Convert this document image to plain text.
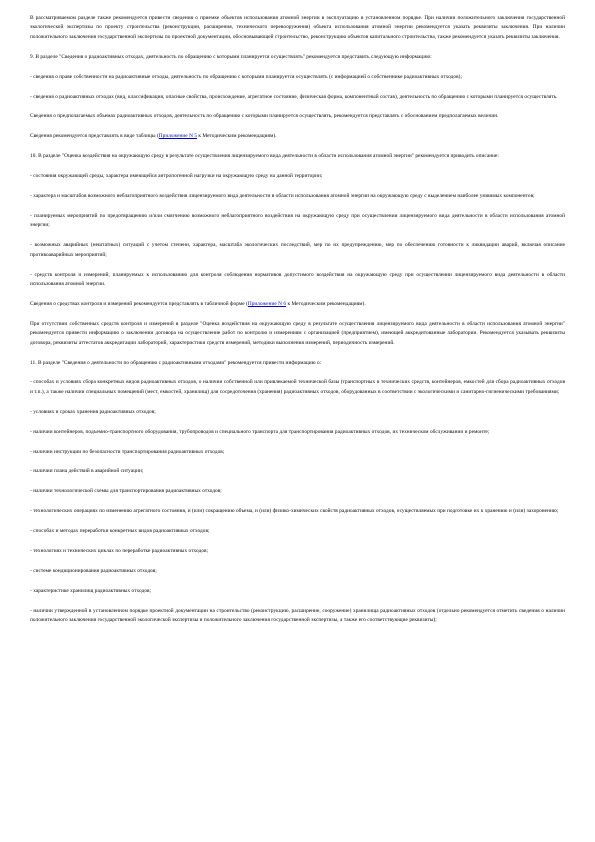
В рассматриваемом разделе также рекомендуется привести сведения о приемке объектов использования атомной энергии в эксплуатацию в установленном порядке. При наличии положительного заключения государственной экологической экспертизы по проекту строительства (реконструкции, расширения, технического перевооружения) объекта использования атомной энергии рекомендуется указать реквизиты заключения. При наличии положительного заключения государственной экспертизы по проектной документации, обосновывающей строительство, реконструкцию объектов капитального строительства, также рекомендуется указать реквизиты заключения.

9. В разделе "Сведения о радиоактивных отходах, деятельность по обращению с которыми планируется осуществлять" рекомендуется представить следующую информацию:

- сведения о праве собственности на радиоактивные отходы, деятельность по обращению с которыми планируется осуществлять (с информацией о собственнике радиоактивных отходов);

- сведения о радиоактивных отходах (вид, классификация, опасные свойства, происхождение, агрегатное состояние, физическая форма, компонентный состав), деятельность по обращению с которыми планируется осуществлять.

Сведения о предполагаемых объемах радиоактивных отходов, деятельность по обращению с которыми планируется осуществлять, рекомендуется представлять с обоснованием предполагаемых величин.

Сведения рекомендуется представлять в виде таблицы (Приложение N 5 к Методическим рекомендациям).

10. В разделе "Оценка воздействия на окружающую среду в результате осуществления лицензируемого вида деятельности в области использования атомной энергии" рекомендуется приводить описание:

- состояния окружающей среды, характера имеющейся антропогенной нагрузки на окружающую среду на данной территории;

- характера и масштабов возможного неблагоприятного воздействия лицензируемого вида деятельности в области использования атомной энергии на окружающую среду с выделением наиболее уязвимых компонентов;

- планируемых мероприятий по предотвращению и/или смягчению возможного неблагоприятного воздействия на окружающую среду при осуществлении лицензируемого вида деятельности в области использования атомной энергии;

- возможных аварийных (нештатных) ситуаций с учетом степени, характера, масштаба экологических последствий, мер по их предупреждению, мер по обеспечению готовности к ликвидации аварий, включая описание противоаварийных мероприятий;

- средств контроля и измерений, планируемых к использованию для контроля соблюдения нормативов допустимого воздействия на окружающую среду при осуществлении лицензируемого вида деятельности в области использования атомной энергии.

Сведения о средствах контроля и измерений рекомендуется представлять в табличной форме (Приложение N 6 к Методическим рекомендациям).

При отсутствии собственных средств контроля и измерений в разделе "Оценка воздействия на окружающую среду в результате осуществления лицензируемого вида деятельности в области использования атомной энергии" рекомендуется привести информацию о заключении договора на осуществление работ по контролю и измерениям с организацией (предприятием), имеющей аккредитованные лаборатории. Рекомендуется указывать реквизиты договора, реквизиты аттестатов аккредитации лабораторий, характеристики средств измерений, методики выполнения измерений, периодичность измерений.

11. В разделе "Сведения о деятельности по обращению с радиоактивными отходами" рекомендуется привести информацию о:

- способах и условиях сбора конкретных видов радиоактивных отходов, о наличии собственной или привлекаемой технической базы (транспортных и технических средств, контейнеров, емкостей для сбора радиоактивных отходов и т.п.), а также наличии специальных помещений (мест, емкостей, хранилищ) для сосредоточения (хранения) радиоактивных отходов, оборудованных в соответствии с экологическими и санитарно-гигиеническими требованиями;

- условиях и сроках хранения радиоактивных отходов;

- наличии контейнеров, подъемно-транспортного оборудования, трубопроводов и специального транспорта для транспортирования радиоактивных отходов, их техническом обслуживании и ремонте;

- наличии инструкции по безопасности транспортирования радиоактивных отходов;

- наличии плана действий в аварийной ситуации;

- наличии технологической схемы для транспортирования радиоактивных отходов;

- технологических операциях по изменению агрегатного состояния, и (или) сокращению объема, и (или) физико-химических свойств радиоактивных отходов, осуществляемых при подготовке их к хранению и (или) захоронению;

- способах и методах переработки конкретных видов радиоактивных отходов;

- технологиях и технических циклах по переработке радиоактивных отходов;

- системе кондиционирования радиоактивных отходов;

- характеристике хранилищ радиоактивных отходов;

- наличии утвержденной в установленном порядке проектной документации на строительство (реконструкцию, расширение, сооружение) хранилища радиоактивных отходов (отдельно рекомендуется отметить сведения о наличии положительного заключения государственной экологической экспертизы и положительного заключения государственной экспертизы, а также его соответствующие реквизиты);
